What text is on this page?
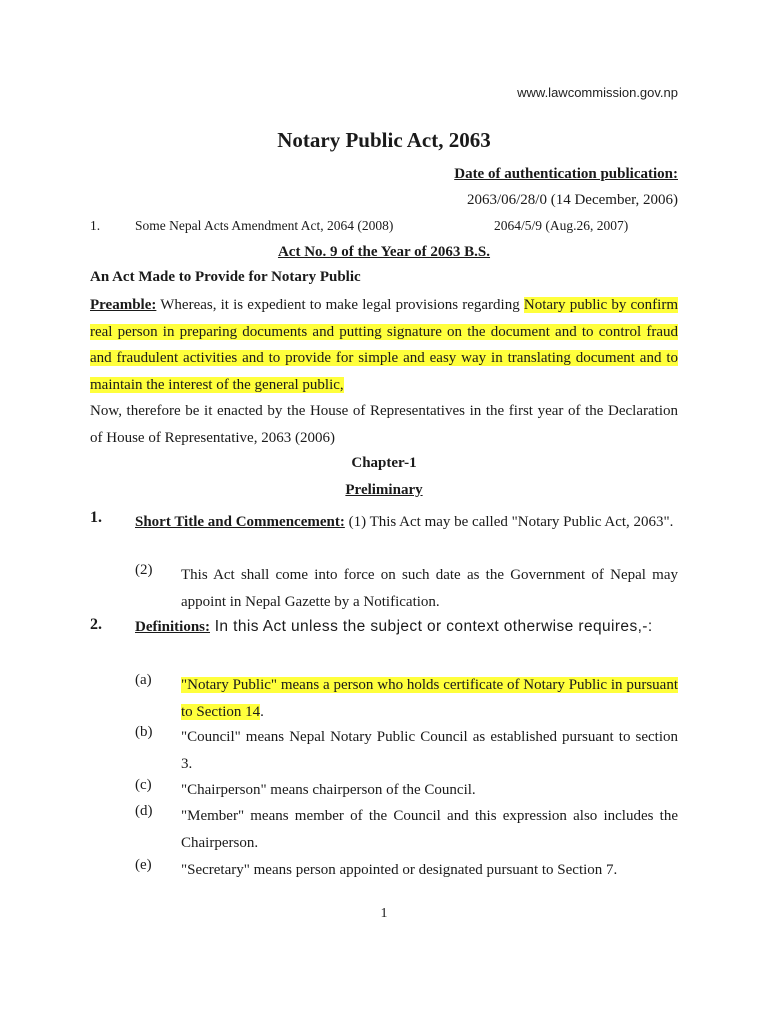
www.lawcommission.gov.np
Notary Public Act, 2063
Date of authentication publication:
2063/06/28/0 (14 December, 2006)
1.	Some Nepal Acts Amendment Act, 2064 (2008)	2064/5/9 (Aug.26, 2007)
Act No. 9 of the Year of 2063 B.S.
An Act Made to Provide for Notary Public
Preamble: Whereas, it is expedient to make legal provisions regarding Notary public by confirm real person in preparing documents and putting signature on the document and to control fraud and fraudulent activities and to provide for simple and easy way in translating document and to maintain the interest of the general public,
Now, therefore be it enacted by the House of Representatives in the first year of the Declaration of House of Representative, 2063 (2006)
Chapter-1
Preliminary
1. Short Title and Commencement: (1) This Act may be called "Notary Public Act, 2063".
(2) This Act shall come into force on such date as the Government of Nepal may appoint in Nepal Gazette by a Notification.
2. Definitions: In this Act unless the subject or context otherwise requires,-:
(a) "Notary Public" means a person who holds certificate of Notary Public in pursuant to Section 14.
(b) "Council" means Nepal Notary Public Council as established pursuant to section 3.
(c) "Chairperson" means chairperson of the Council.
(d) "Member" means member of the Council and this expression also includes the Chairperson.
(e) "Secretary" means person appointed or designated pursuant to Section 7.
1
